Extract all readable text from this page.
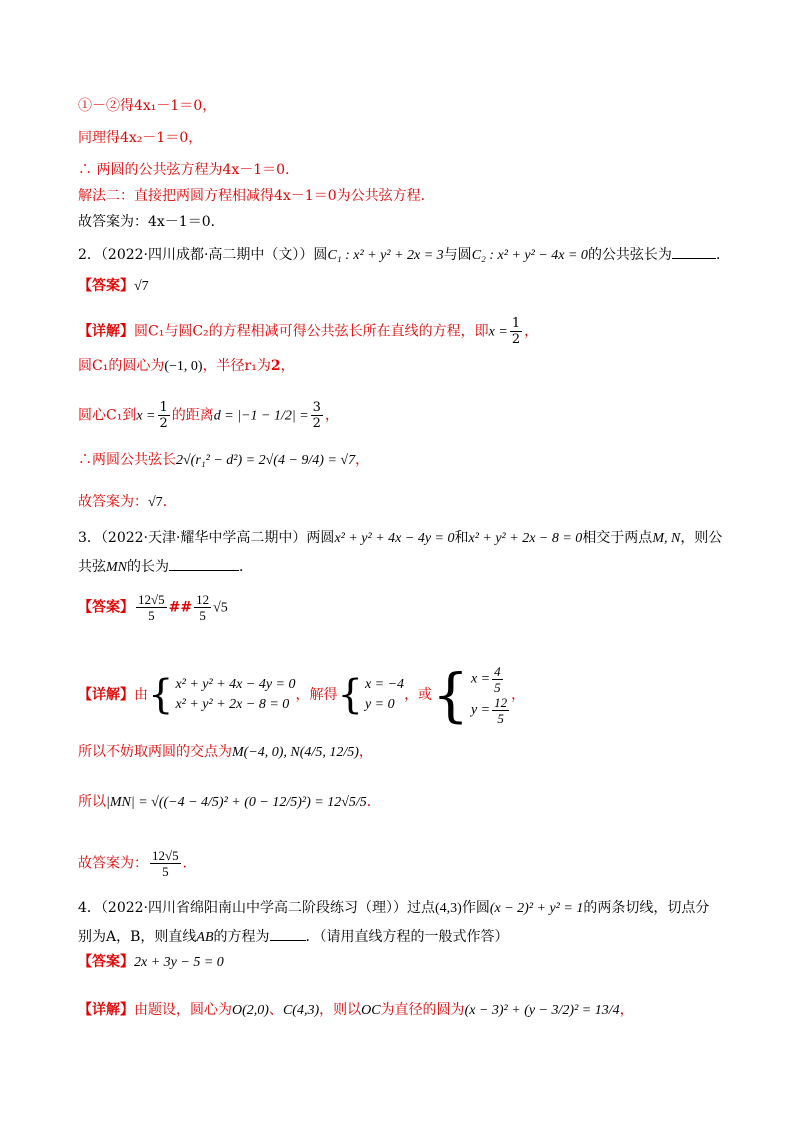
①－②得4x₁－1＝0，
同理得4x₂－1＝0，
∴ 两圆的公共弦方程为4x－1＝0．
解法二：直接把两圆方程相减得4x－1＝0为公共弦方程．
故答案为：4x－1＝0．
2．（2022·四川成都·高二期中（文））圆C₁ : x² + y² + 2x = 3与圆C₂ : x² + y² − 4x = 0的公共弦长为	．
【答案】√7
【详解】圆C₁与圆C₂的方程相减可得公共弦长所在直线的方程，即$x = \frac{1}{2}$ ，
圆C₁的圆心为(−1, 0)，半径r₁为2，
圆心C₁到$x = \frac{1}{2}$ 的距离$d = |-1 - 1/2| = \frac{3}{2}$ ，
∴两圆公共弦长2√(r₁² − d²) = 2√(4 − 9/4) = √7，
故答案为：√7．
3．（2022·天津·耀华中学高二期中）两圆x² + y² + 4x − 4y = 0和x² + y² + 2x − 8 = 0相交于两点M, N，则公
共弦MN的长为	．
【答案】 $\frac{12√5}{5}$ ## $\frac{12}{5} √5$
【详解】由 { x² + y² + 4x − 4y = 0
x² + y² + 2x − 8 = 0
，解得 { x = −4
y = 0
，或 { $x = \frac{4}{5}$
$y = \frac{12}{5}$ ，
所以不妨取两圆的交点为M(−4, 0), N(4/5, 12/5)，
所以|MN| = √((−4 − 4/5)² + (0 − 12/5)²) = 12√5/5．
故答案为： $\frac{12√5}{5}$ ．
4．（2022·四川省绵阳南山中学高二阶段练习（理））过点(4,3)作圆(x − 2)² + y² = 1的两条切线，切点分
别为A，B，则直线AB的方程为	．（请用直线方程的一般式作答）
【答案】2x + 3y − 5 = 0
【详解】由题设，圆心为O(2,0)、C(4,3)，则以OC为直径的圆为(x − 3)² + (y − 3/2)² = 13/4，
